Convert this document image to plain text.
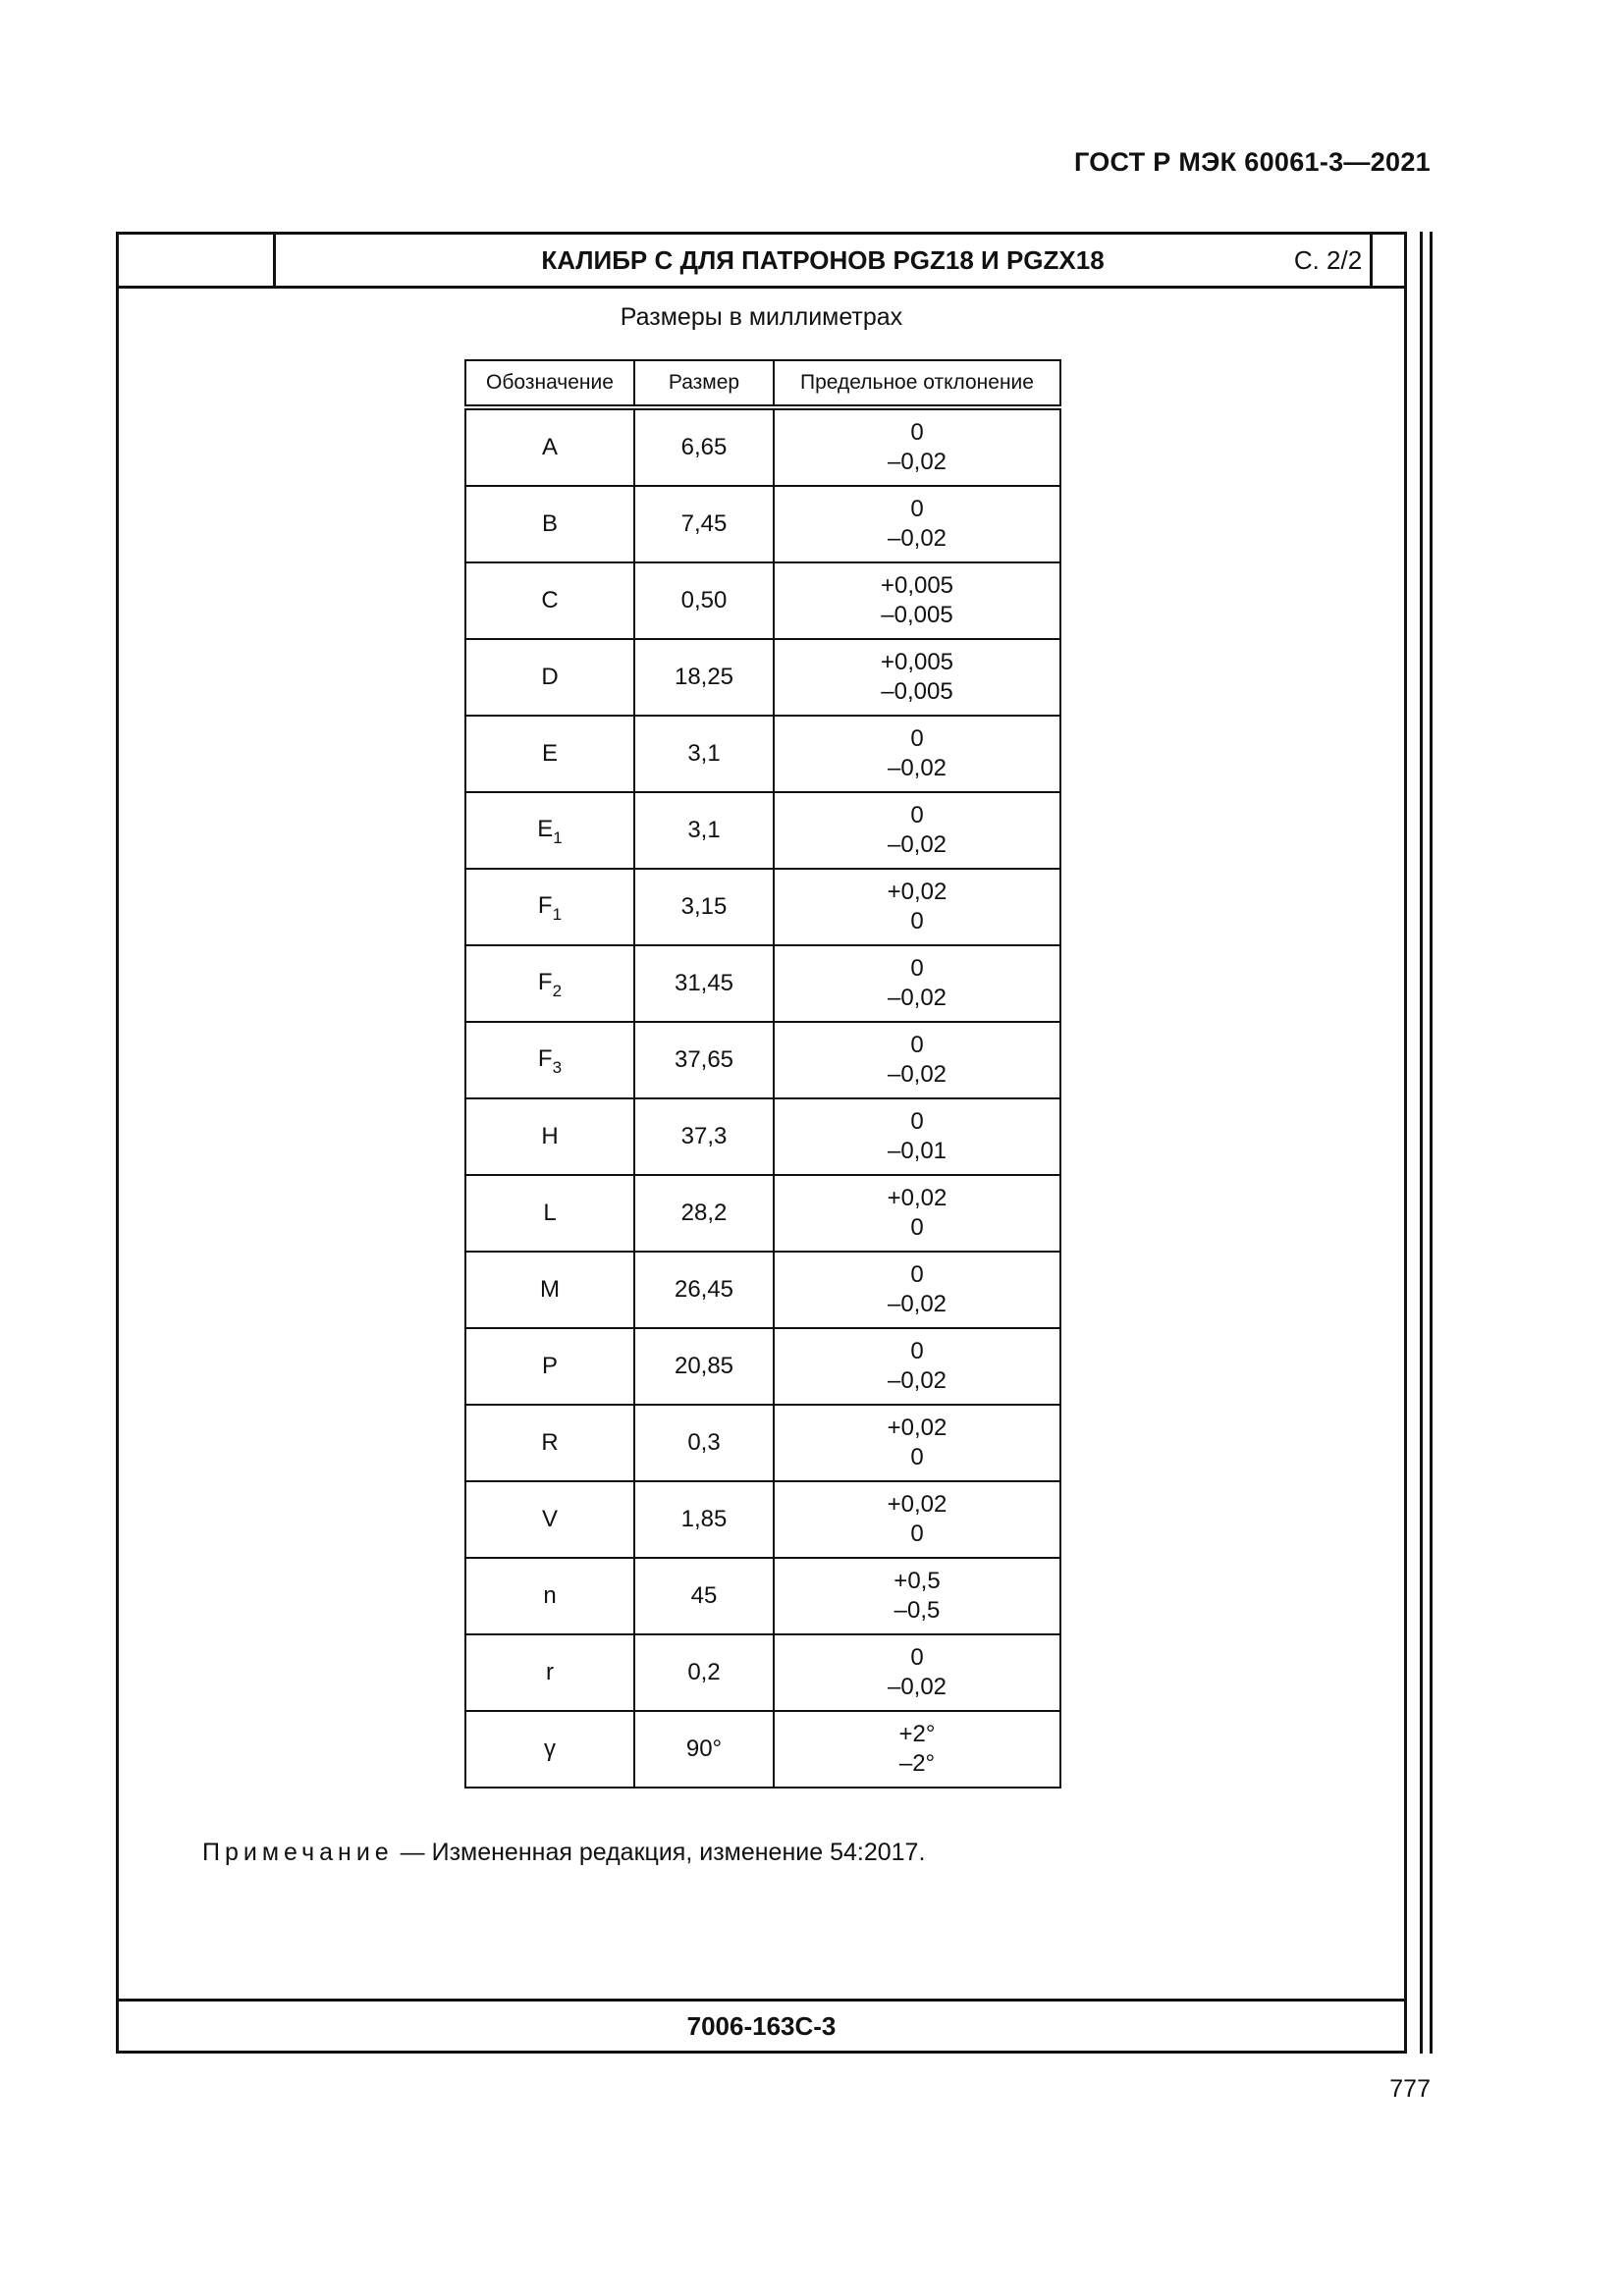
ГОСТ Р МЭК 60061-3—2021
КАЛИБР C ДЛЯ ПАТРОНОВ PGZ18 И PGZX18	С. 2/2
Размеры в миллиметрах
Обозначение	Размер	Предельное отклонение
A	6,65	0
–0,02

B	7,45	0
–0,02

C	0,50	+0,005
–0,005

D	18,25	+0,005
–0,005

E	3,1	0
–0,02

$E_1$	3,1	0
–0,02

$F_1$	3,15	+0,02
0

$F_2$	31,45	0
–0,02

$F_3$	37,65	0
–0,02

H	37,3	0
–0,01

L	28,2	+0,02
0

M	26,45	0
–0,02

P	20,85	0
–0,02

R	0,3	+0,02
0

V	1,85	+0,02
0

n	45	+0,5
–0,5

r	0,2	0
–0,02

γ	90°	+2°
–2°
Примечание — Измененная редакция, изменение 54:2017.
7006-163C-3
777
